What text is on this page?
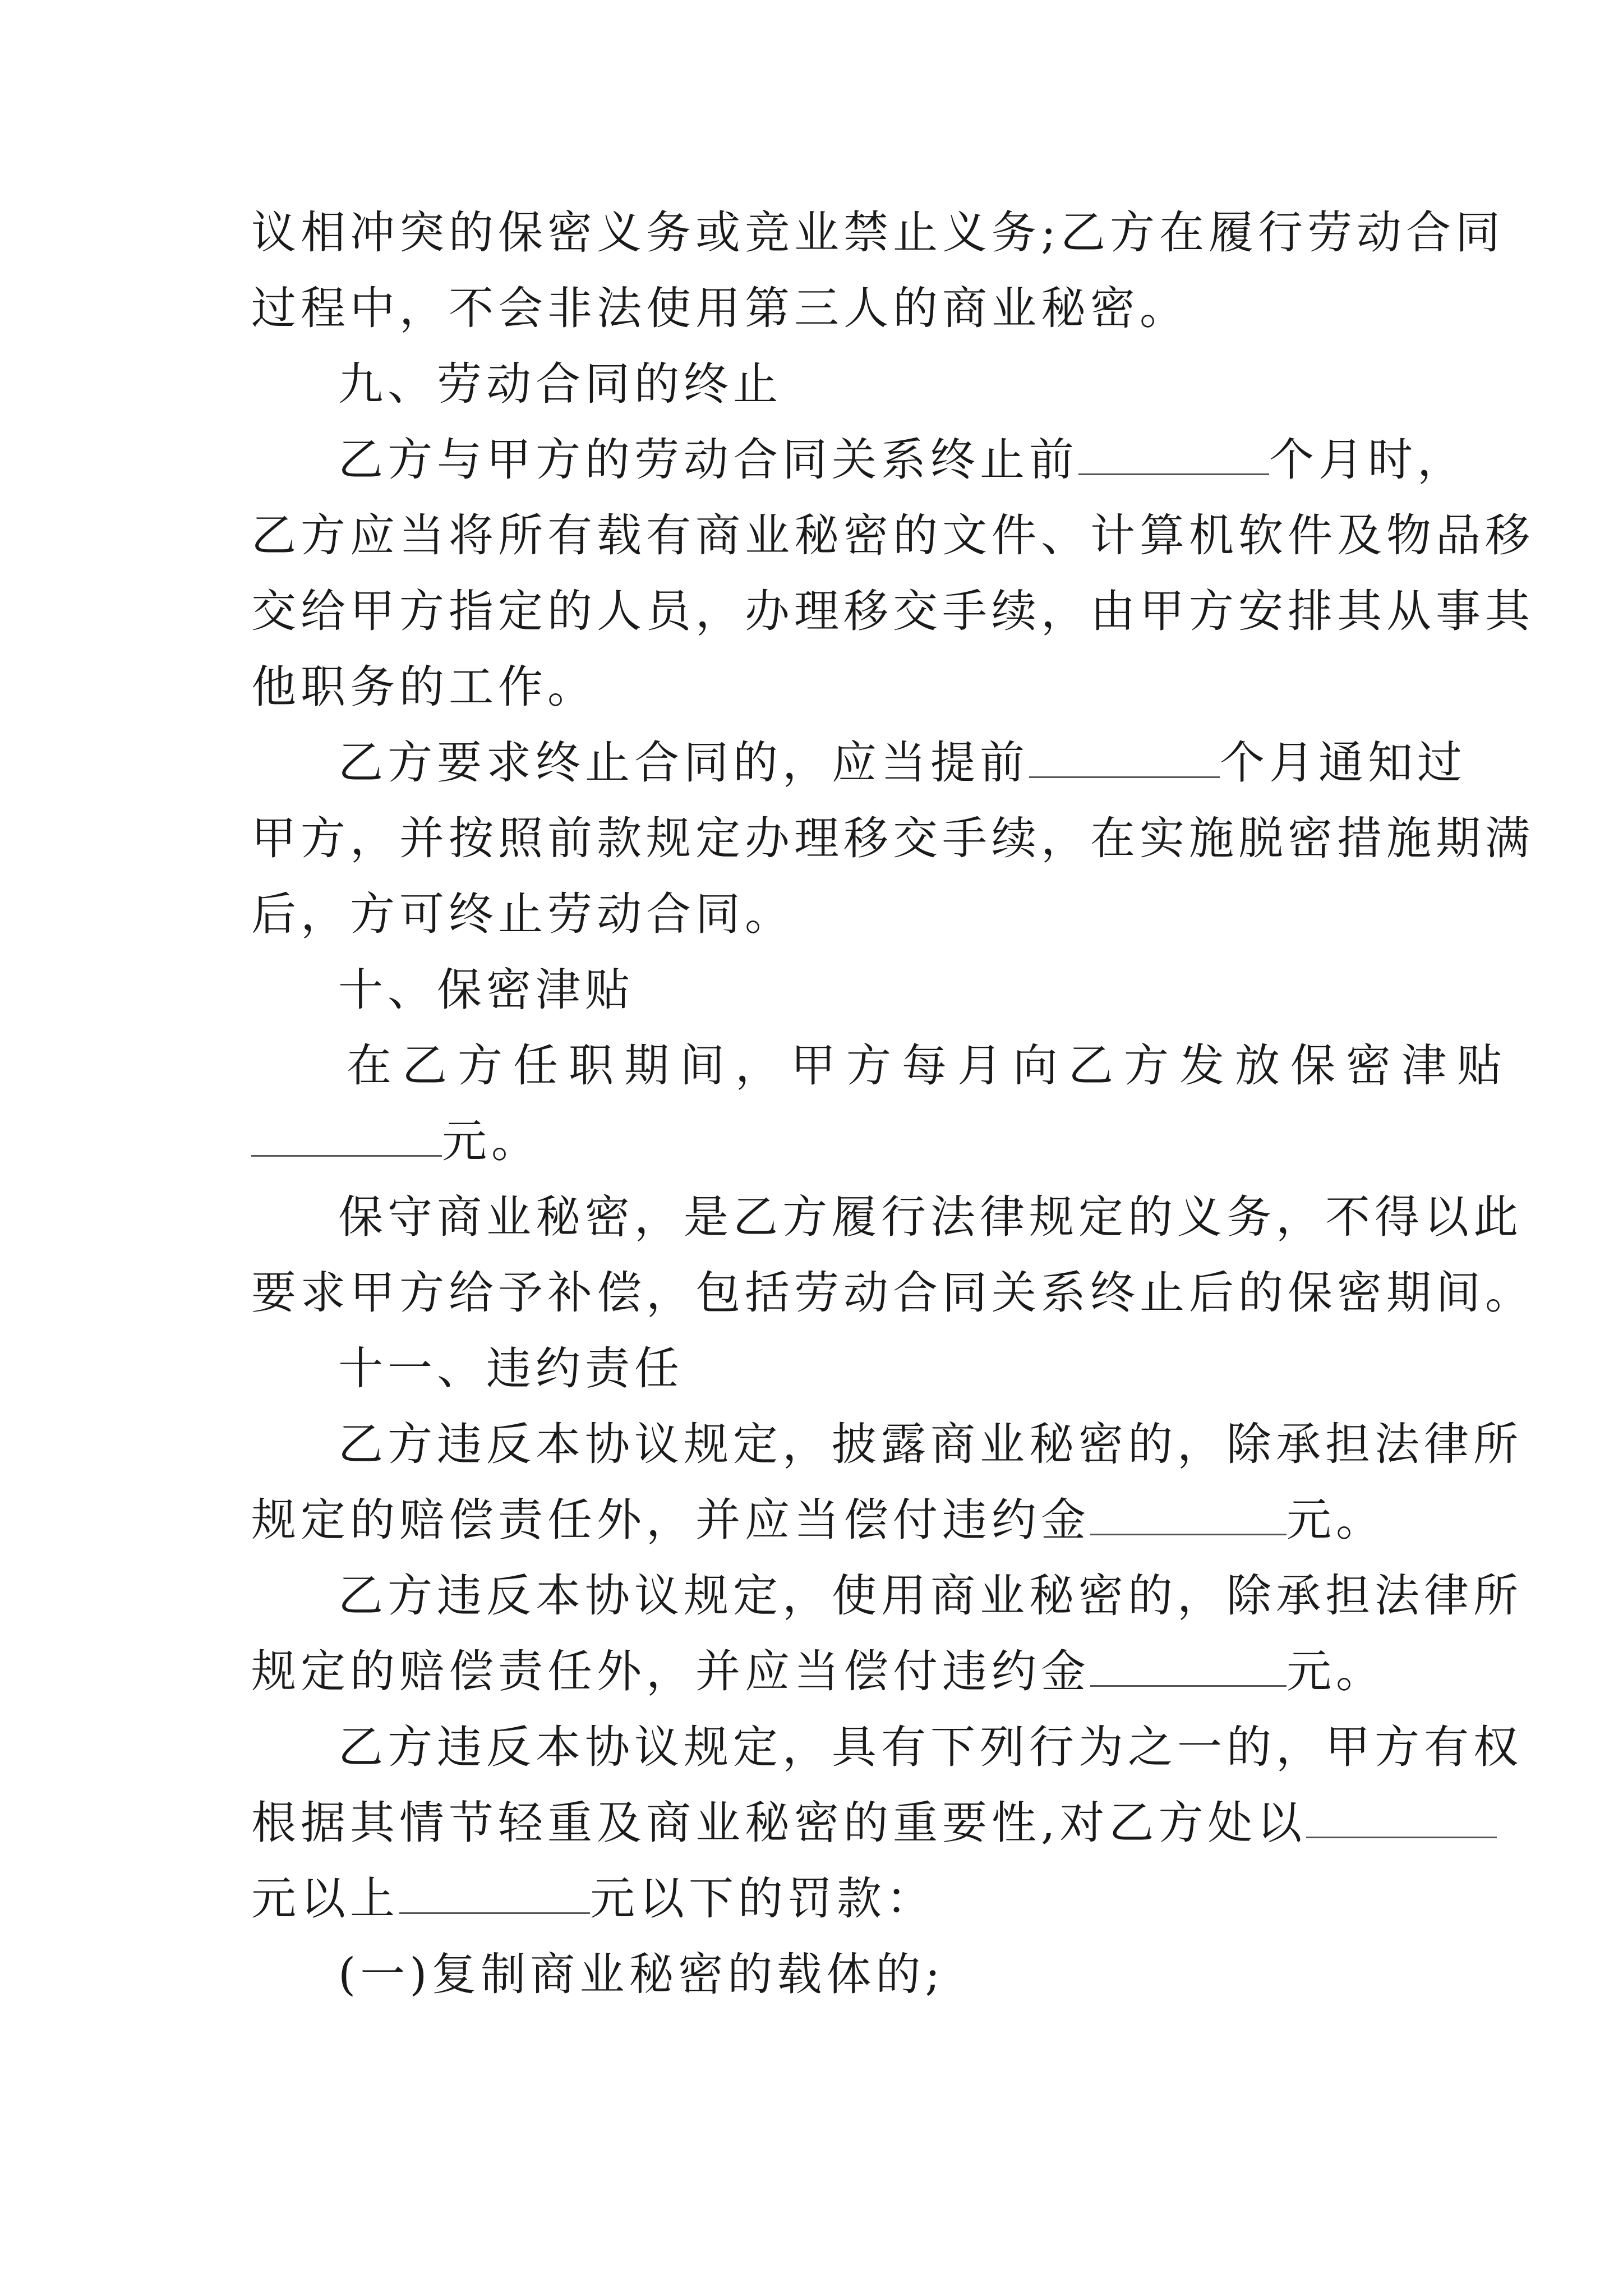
议相冲突的保密义务或竞业禁止义务;乙方在履行劳动合同
过程中，不会非法使用第三人的商业秘密。
九、劳动合同的终止
乙方与甲方的劳动合同关系终止前	个月时，
乙方应当将所有载有商业秘密的文件、计算机软件及物品移
交给甲方指定的人员，办理移交手续，由甲方安排其从事其
他职务的工作。
乙方要求终止合同的，应当提前	个月通知过
甲方，并按照前款规定办理移交手续，在实施脱密措施期满
后，方可终止劳动合同。
十、保密津贴
在乙方任职期间，甲方每月向乙方发放保密津贴
元。
保守商业秘密，是乙方履行法律规定的义务，不得以此
要求甲方给予补偿，包括劳动合同关系终止后的保密期间。
十一、违约责任
乙方违反本协议规定，披露商业秘密的，除承担法律所
规定的赔偿责任外，并应当偿付违约金	元。
乙方违反本协议规定，使用商业秘密的，除承担法律所
规定的赔偿责任外，并应当偿付违约金	元。
乙方违反本协议规定，具有下列行为之一的，甲方有权
根据其情节轻重及商业秘密的重要性,对乙方处以
元以上	元以下的罚款：
(一)复制商业秘密的载体的;
